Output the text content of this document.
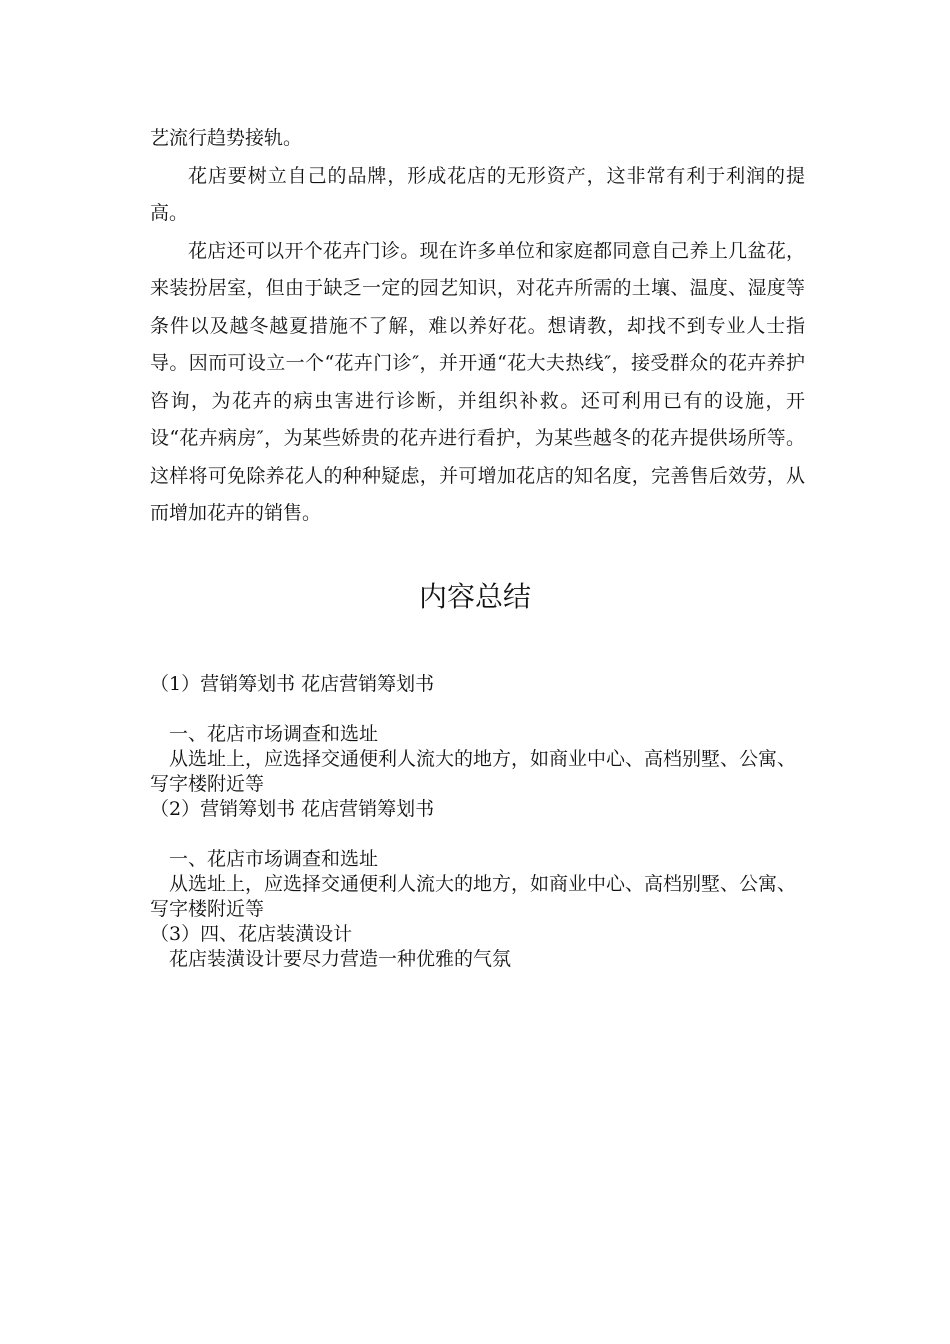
艺流行趋势接轨。

花店要树立自己的品牌，形成花店的无形资产，这非常有利于利润的提高。

花店还可以开个花卉门诊。现在许多单位和家庭都同意自己养上几盆花，来装扮居室，但由于缺乏一定的园艺知识，对花卉所需的土壤、温度、湿度等条件以及越冬越夏措施不了解，难以养好花。想请教，却找不到专业人士指导。因而可设立一个“花卉门诊″，并开通“花大夫热线″，接受群众的花卉养护咨询，为花卉的病虫害进行诊断，并组织补救。还可利用已有的设施，开设“花卉病房″，为某些娇贵的花卉进行看护，为某些越冬的花卉提供场所等。这样将可免除养花人的种种疑虑，并可增加花店的知名度，完善售后效劳，从而增加花卉的销售。

内容总结
（1）营销筹划书 花店营销筹划书
一、花店市场调查和选址
从选址上，应选择交通便利人流大的地方，如商业中心、高档别墅、公寓、写字楼附近等
（2）营销筹划书 花店营销筹划书
一、花店市场调查和选址
从选址上，应选择交通便利人流大的地方，如商业中心、高档别墅、公寓、写字楼附近等
（3）四、花店装潢设计
花店装潢设计要尽力营造一种优雅的气氛
